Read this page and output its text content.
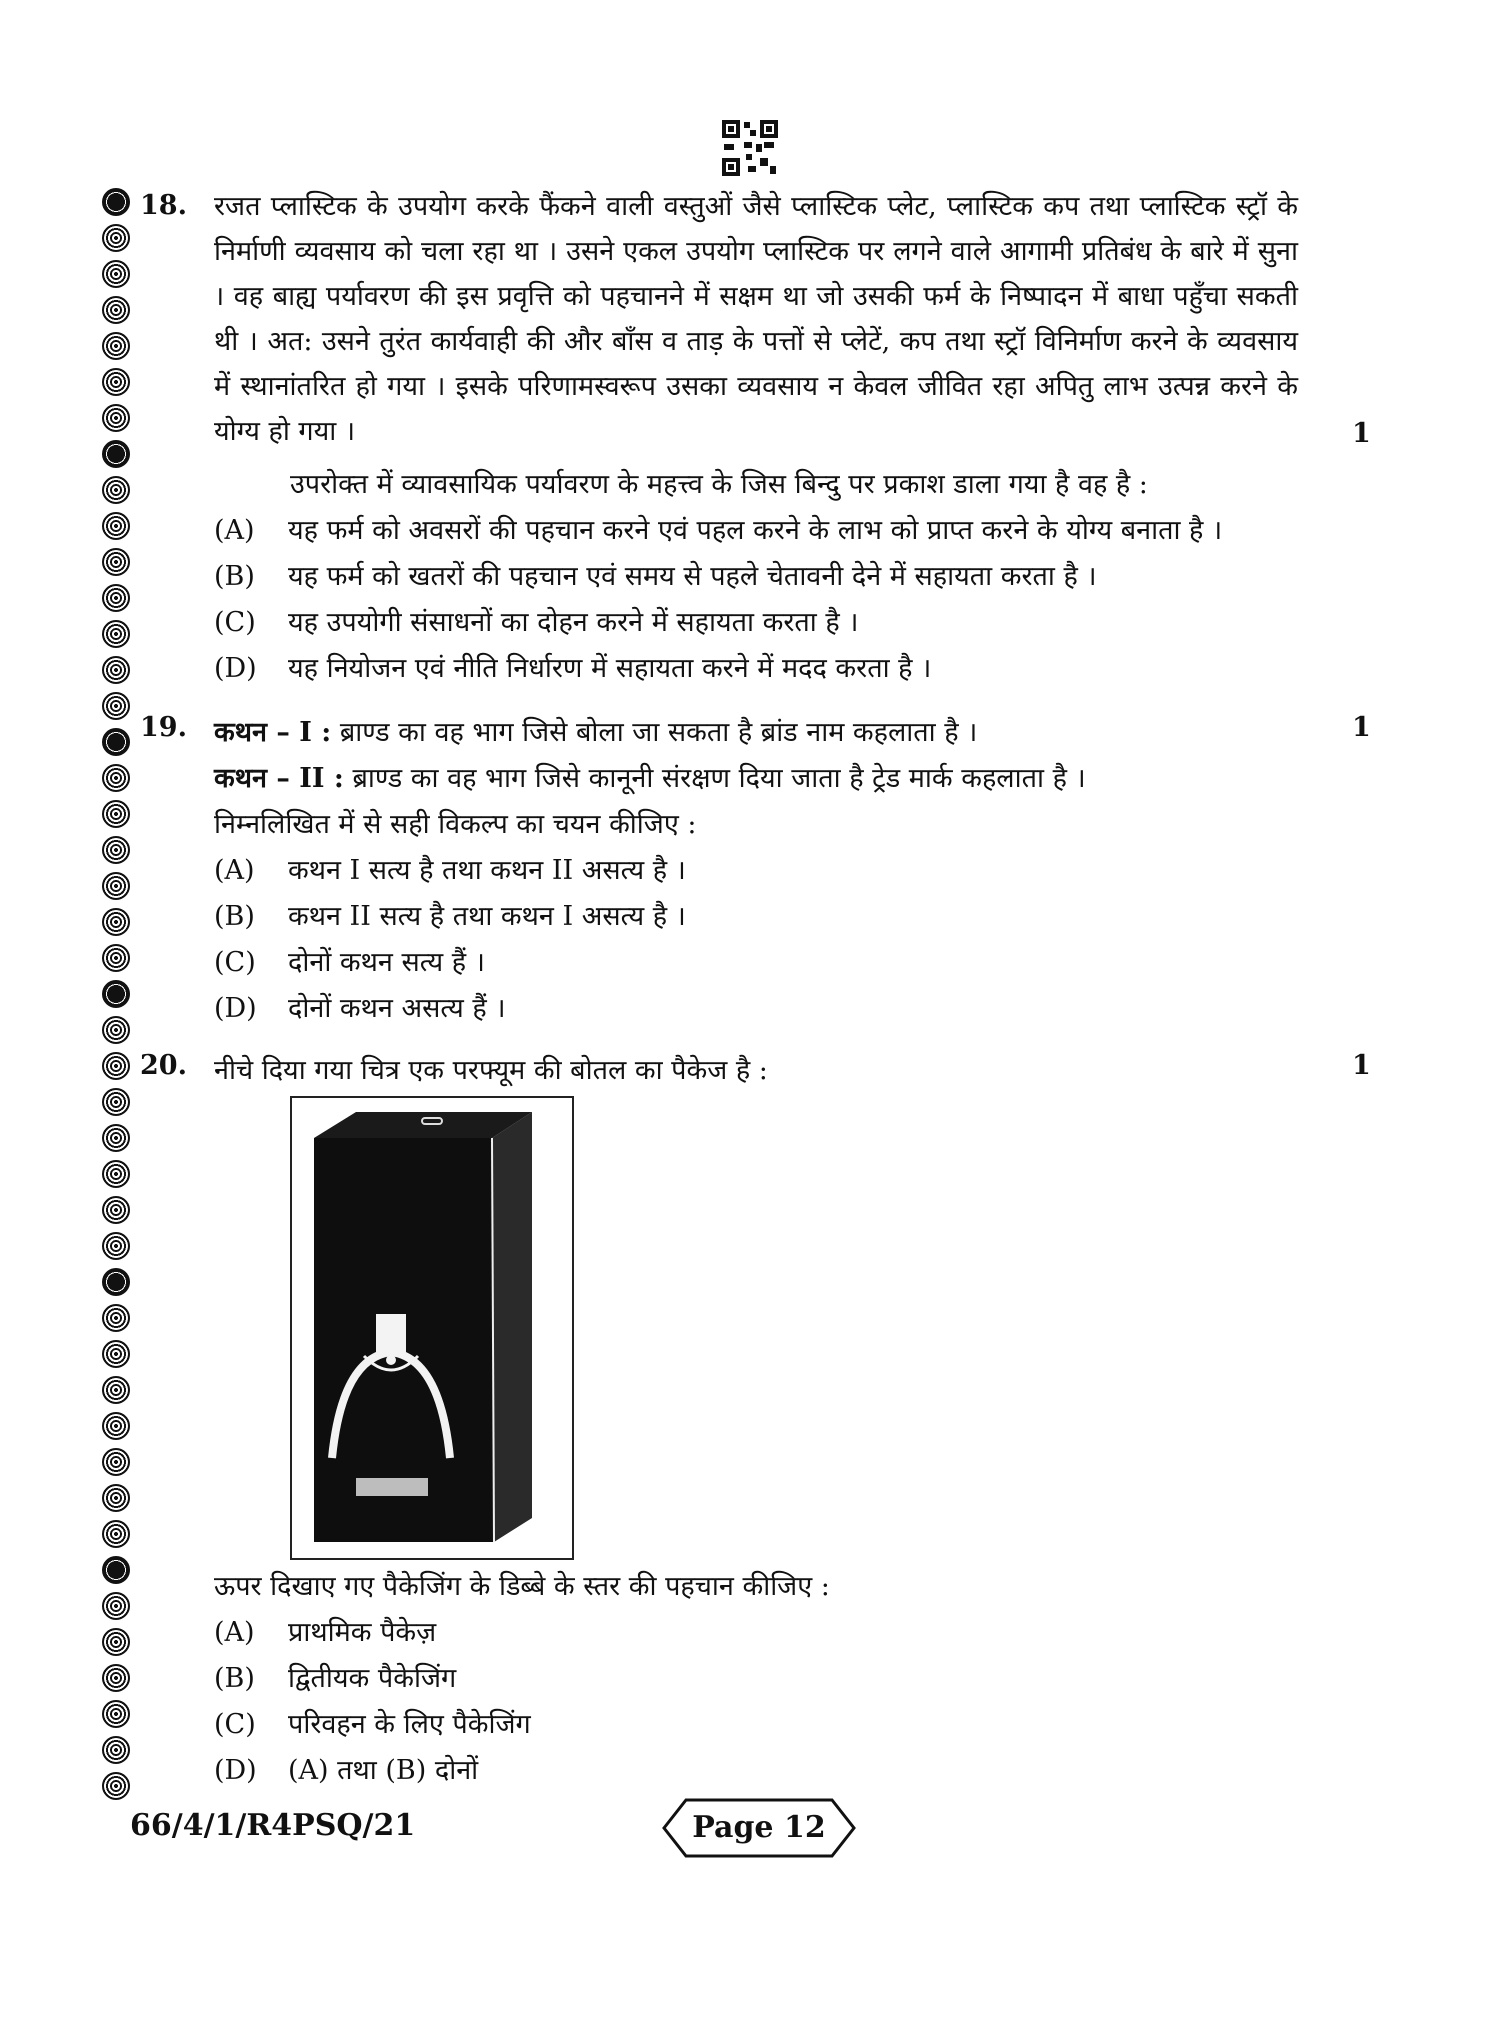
18. रजत प्लास्टिक के उपयोग करके फैंकने वाली वस्तुओं जैसे प्लास्टिक प्लेट, प्लास्टिक कप तथा प्लास्टिक स्ट्रॉ के निर्माणी व्यवसाय को चला रहा था । उसने एकल उपयोग प्लास्टिक पर लगने वाले आगामी प्रतिबंध के बारे में सुना । वह बाह्य पर्यावरण की इस प्रवृत्ति को पहचानने में सक्षम था जो उसकी फर्म के निष्पादन में बाधा पहुँचा सकती थी । अत: उसने तुरंत कार्यवाही की और बाँस व ताड़ के पत्तों से प्लेटें, कप तथा स्ट्रॉ विनिर्माण करने के व्यवसाय में स्थानांतरित हो गया । इसके परिणामस्वरूप उसका व्यवसाय न केवल जीवित रहा अपितु लाभ उत्पन्न करने के योग्य हो गया ।	1
उपरोक्त में व्यावसायिक पर्यावरण के महत्त्व के जिस बिन्दु पर प्रकाश डाला गया है वह है :
(A) यह फर्म को अवसरों की पहचान करने एवं पहल करने के लाभ को प्राप्त करने के योग्य बनाता है ।
(B) यह फर्म को खतरों की पहचान एवं समय से पहले चेतावनी देने में सहायता करता है ।
(C) यह उपयोगी संसाधनों का दोहन करने में सहायता करता है ।
(D) यह नियोजन एवं नीति निर्धारण में सहायता करने में मदद करता है ।
19.	1
कथन – I : ब्राण्ड का वह भाग जिसे बोला जा सकता है ब्रांड नाम कहलाता है ।
कथन – II : ब्राण्ड का वह भाग जिसे कानूनी संरक्षण दिया जाता है ट्रेड मार्क कहलाता है ।
निम्नलिखित में से सही विकल्प का चयन कीजिए :
(A) कथन I सत्य है तथा कथन II असत्य है ।
(B) कथन II सत्य है तथा कथन I असत्य है ।
(C) दोनों कथन सत्य हैं ।
(D) दोनों कथन असत्य हैं ।
20.	1
नीचे दिया गया चित्र एक परफ्यूम की बोतल का पैकेज है :
ऊपर दिखाए गए पैकेजिंग के डिब्बे के स्तर की पहचान कीजिए :
(A) प्राथमिक पैकेज़
(B) द्वितीयक पैकेजिंग
(C) परिवहन के लिए पैकेजिंग
(D) (A) तथा (B) दोनों
66/4/1/R4PSQ/21	Page 12
